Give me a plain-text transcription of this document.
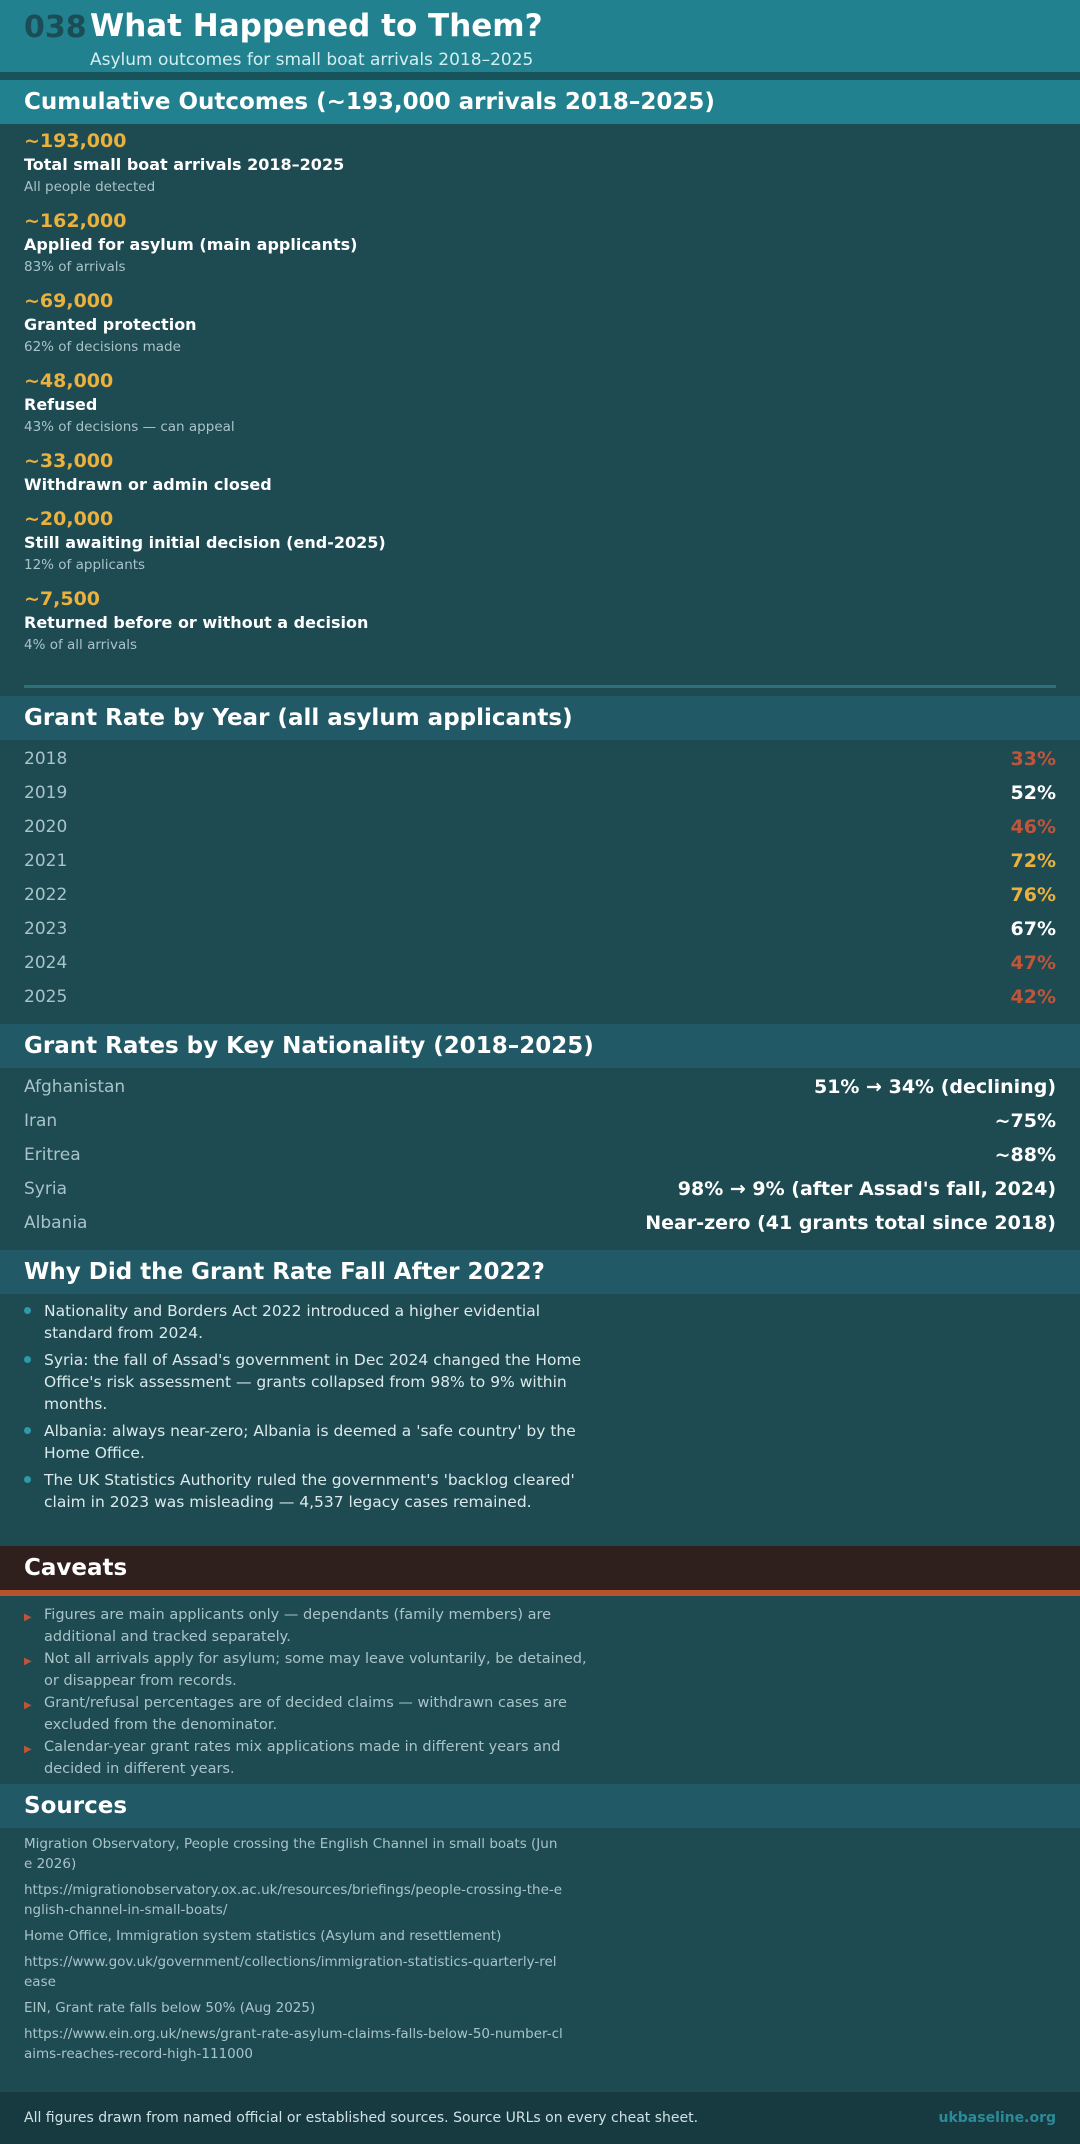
038 What Happened to Them?
Asylum outcomes for small boat arrivals 2018–2025
Cumulative Outcomes (~193,000 arrivals 2018–2025)
~193,000
Total small boat arrivals 2018–2025
All people detected
~162,000
Applied for asylum (main applicants)
83% of arrivals
~69,000
Granted protection
62% of decisions made
~48,000
Refused
43% of decisions — can appeal
~33,000
Withdrawn or admin closed
~20,000
Still awaiting initial decision (end-2025)
12% of applicants
~7,500
Returned before or without a decision
4% of all arrivals
Grant Rate by Year (all asylum applicants)
2018	33%
2019	52%
2020	46%
2021	72%
2022	76%
2023	67%
2024	47%
2025	42%
Grant Rates by Key Nationality (2018–2025)
Afghanistan	51% → 34% (declining)
Iran	~75%
Eritrea	~88%
Syria	98% → 9% (after Assad's fall, 2024)
Albania	Near-zero (41 grants total since 2018)
Why Did the Grant Rate Fall After 2022?
Nationality and Borders Act 2022 introduced a higher evidential standard from 2024.
Syria: the fall of Assad's government in Dec 2024 changed the Home Office's risk assessment — grants collapsed from 98% to 9% within months.
Albania: always near-zero; Albania is deemed a 'safe country' by the Home Office.
The UK Statistics Authority ruled the government's 'backlog cleared' claim in 2023 was misleading — 4,537 legacy cases remained.
Caveats
▶ Figures are main applicants only — dependants (family members) are additional and tracked separately.
▶ Not all arrivals apply for asylum; some may leave voluntarily, be detained, or disappear from records.
▶ Grant/refusal percentages are of decided claims — withdrawn cases are excluded from the denominator.
▶ Calendar-year grant rates mix applications made in different years and decided in different years.
Sources
Migration Observatory, People crossing the English Channel in small boats (June 2026)
https://migrationobservatory.ox.ac.uk/resources/briefings/people-crossing-the-english-channel-in-small-boats/
Home Office, Immigration system statistics (Asylum and resettlement)
https://www.gov.uk/government/collections/immigration-statistics-quarterly-release
EIN, Grant rate falls below 50% (Aug 2025)
https://www.ein.org.uk/news/grant-rate-asylum-claims-falls-below-50-number-claims-reaches-record-high-111000
All figures drawn from named official or established sources. Source URLs on every cheat sheet.	ukbaseline.org
